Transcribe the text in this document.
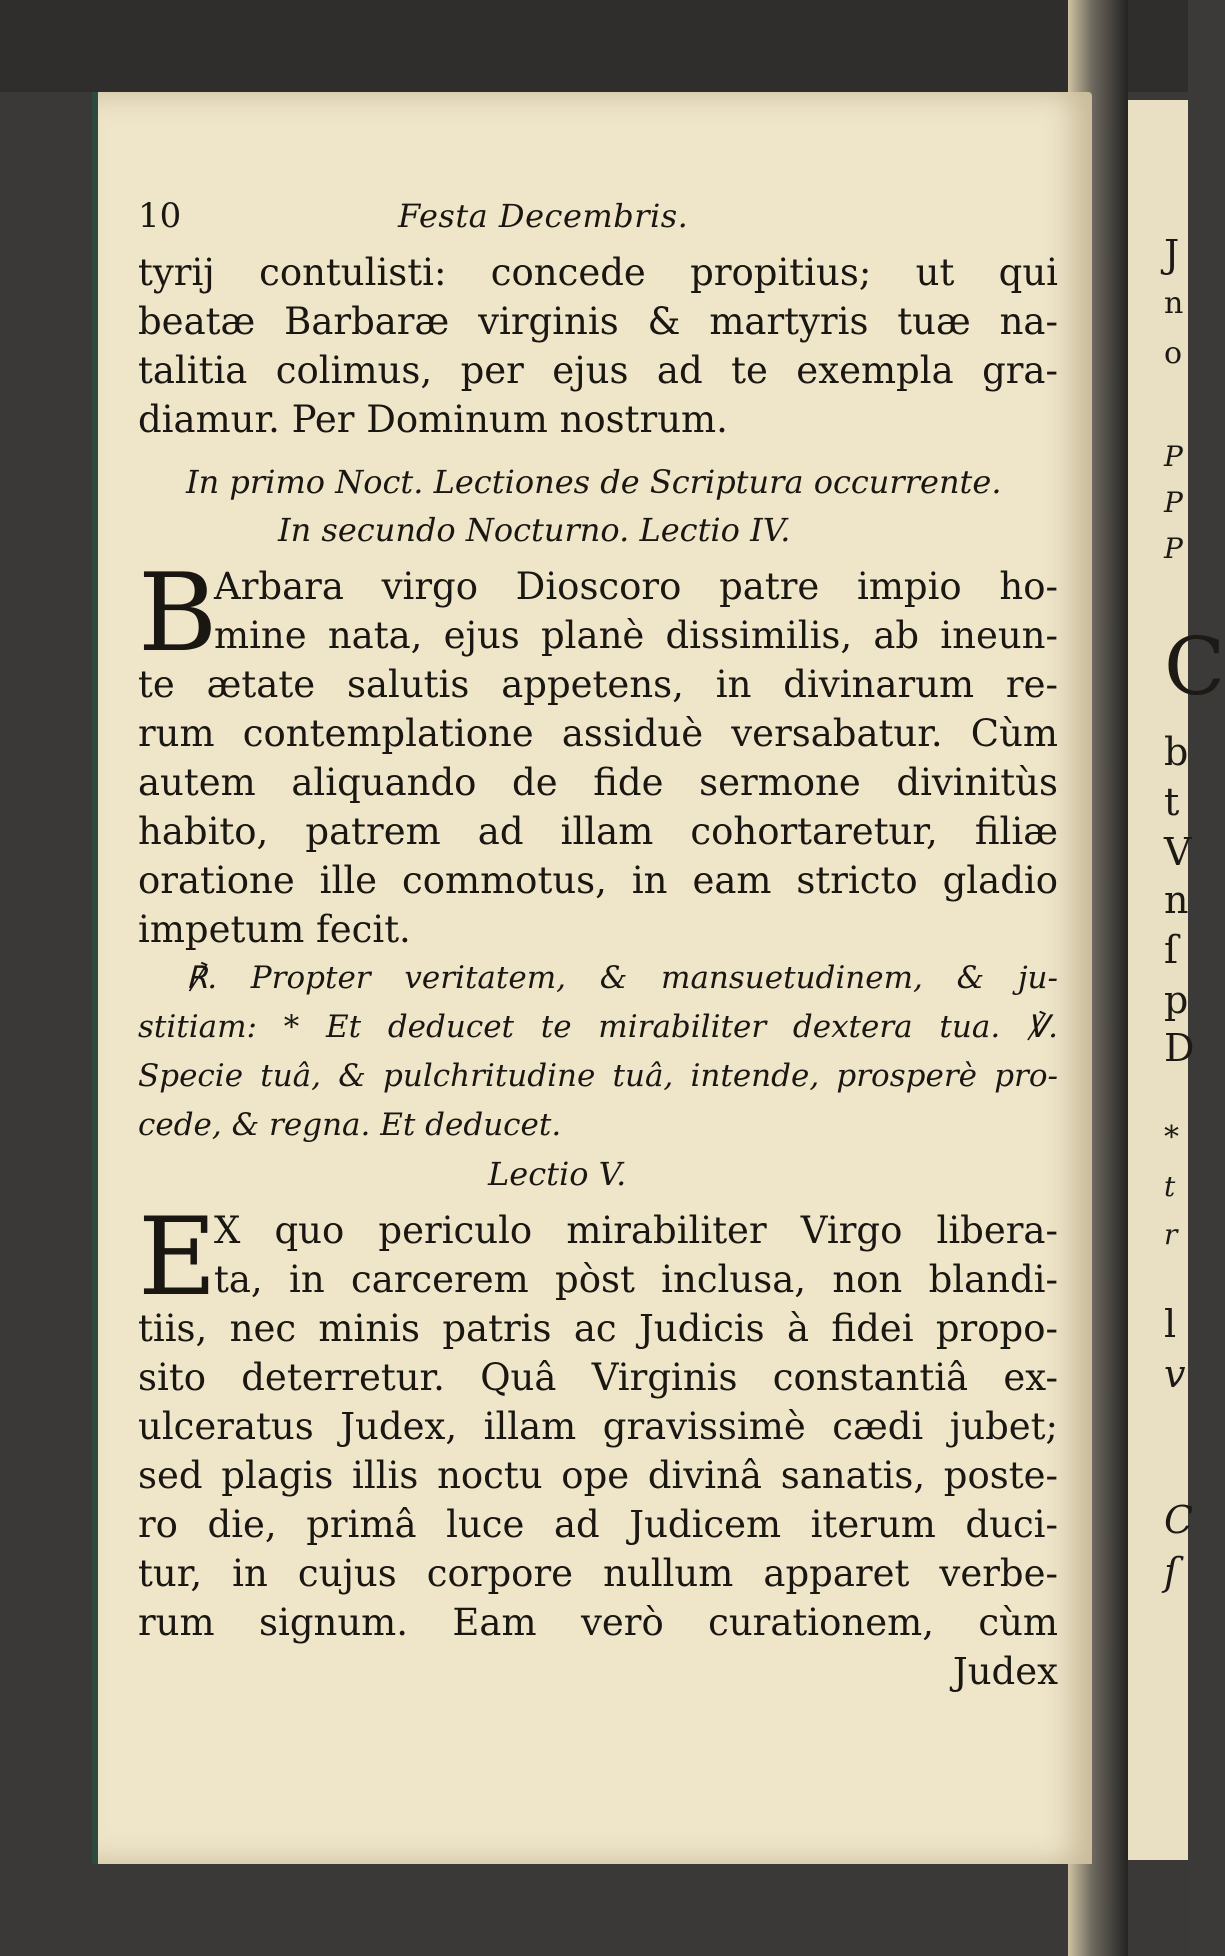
J
n
o
P
P
P
C
b
t
V
n
ſ
p
D
*
t
r
l
v
C
ſ
10	Festa Decembris.
tyrij contulisti: concede propitius; ut qui
beatæ Barbaræ virginis & martyris tuæ na-
talitia colimus, per ejus ad te exempla gra-
diamur. Per Dominum nostrum.
In primo Noct. Lectiones de Scriptura occurrente.
In secundo Nocturno. Lectio IV.
B
Arbara virgo Dioscoro patre impio ho-
mine nata, ejus planè dissimilis, ab ineun-
te ætate salutis appetens, in divinarum re-
rum contemplatione assiduè versabatur. Cùm
autem aliquando de fide sermone divinitùs
habito, patrem ad illam cohortaretur, filiæ
oratione ille commotus, in eam stricto gladio
impetum fecit.
℟. Propter veritatem, & mansuetudinem, & ju-
stitiam: * Et deducet te mirabiliter dextera tua. ℣.
Specie tuâ, & pulchritudine tuâ, intende, prosperè pro-
cede, & regna. Et deducet.
Lectio V.
E
X quo periculo mirabiliter Virgo libera-
ta, in carcerem pòst inclusa, non blandi-
tiis, nec minis patris ac Judicis à fidei propo-
sito deterretur. Quâ Virginis constantiâ ex-
ulceratus Judex, illam gravissimè cædi jubet;
sed plagis illis noctu ope divinâ sanatis, poste-
ro die, primâ luce ad Judicem iterum duci-
tur, in cujus corpore nullum apparet verbe-
rum signum. Eam verò curationem, cùm
Judex
